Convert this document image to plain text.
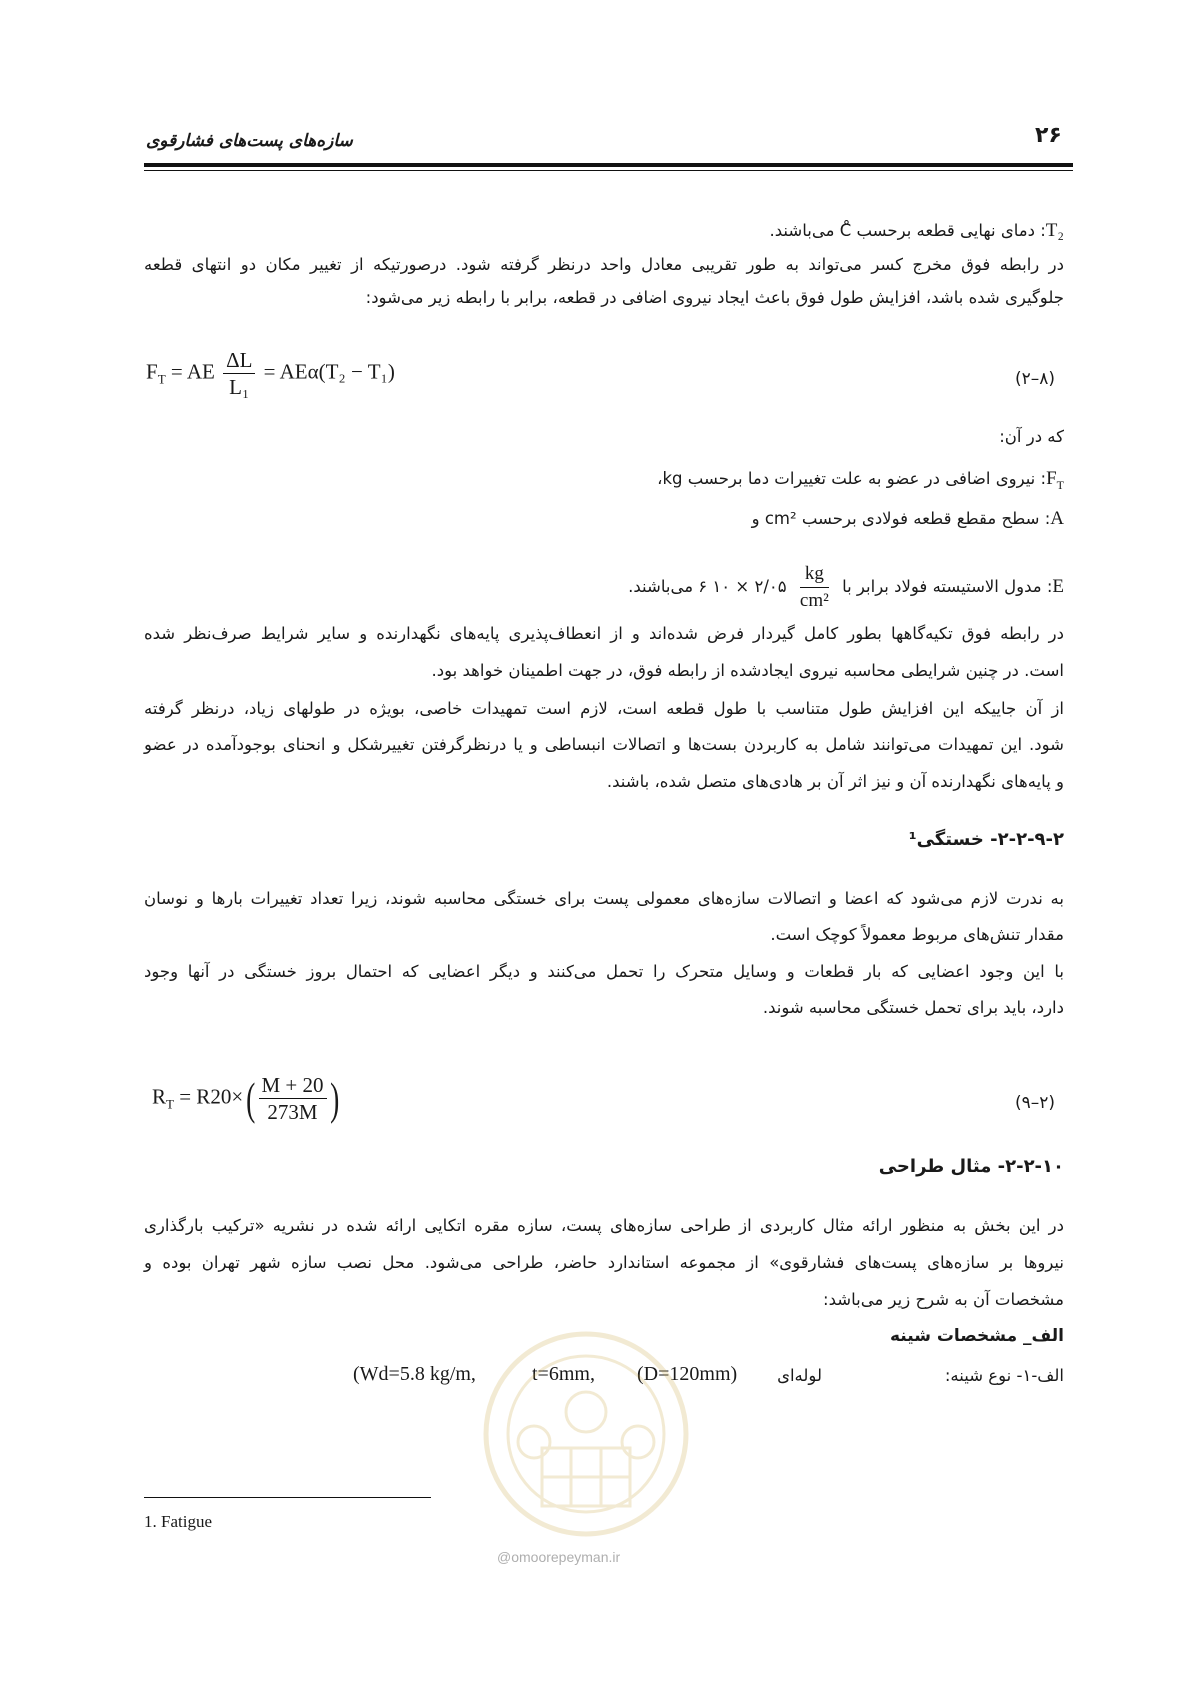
۲۶
سازه‌های پست‌های فشارقوی
T₂: دمای نهایی قطعه برحسب C̊ می‌باشند.
در رابطه فوق مخرج کسر می‌تواند به طور تقریبی معادل واحد درنظر گرفته شود. درصورتیکه از تغییر مکان دو انتهای قطعه
جلوگیری شده باشد، افزایش طول فوق باعث ایجاد نیروی اضافی در قطعه، برابر با رابطه زیر می‌شود:
$F_T$ = AE $\frac{\Delta L}{\text{L₁}} = AE\alpha(T_2 - T_1)$	(۸–۲)
که در آن:
$F_T$: نیروی اضافی در عضو به علت تغییرات دما برحسب kg،
A: سطح مقطع قطعه فولادی برحسب cm² و
E: مدول الاستیسته فولاد برابر با
$\frac{kg}{\text{cm²}}$
۲/۰۵ × ۱۰ ۶ می‌باشند.
در رابطه فوق تکیه‌گاهها بطور کامل گیردار فرض شده‌اند و از انعطاف‌پذیری پایه‌های نگهدارنده و سایر شرایط صرف‌نظر شده
است. در چنین شرایطی محاسبه نیروی ایجادشده از رابطه فوق، در جهت اطمینان خواهد بود.
از آن جاییکه این افزایش طول متناسب با طول قطعه است، لازم است تمهیدات خاصی، بویژه در طولهای زیاد، درنظر گرفته
شود. این تمهیدات می‌توانند شامل به کاربردن بست‌ها و اتصالات انبساطی و یا درنظرگرفتن تغییرشکل و انحنای بوجودآمده در عضو
و پایه‌های نگهدارنده آن و نیز اثر آن بر هادی‌های متصل شده، باشند.
۲-۲-۹-۲- خستگی¹
به ندرت لازم می‌شود که اعضا و اتصالات سازه‌های معمولی پست برای خستگی محاسبه شوند، زیرا تعداد تغییرات بارها و نوسان
مقدار تنش‌های مربوط معمولاً کوچک است.
با این وجود اعضایی که بار قطعات و وسایل متحرک را تحمل می‌کنند و دیگر اعضایی که احتمال بروز خستگی در آنها وجود
دارد، باید برای تحمل خستگی محاسبه شوند.
$R_T = R20\times( \frac{M + 20}{273M}$ )	(۲–۹)
۲-۲-۱۰- مثال طراحی
در این بخش به منظور ارائه مثال کاربردی از طراحی سازه‌های پست، سازه مقره اتکایی ارائه شده در نشریه «ترکیب بارگذاری
نیروها بر سازه‌های پست‌های فشارقوی» از مجموعه استاندارد حاضر، طراحی می‌شود. محل نصب سازه شهر تهران بوده و
مشخصات آن به شرح زیر می‌باشد:
الف_ مشخصات شینه
الف-۱- نوع شینه:
لوله‌ای
(D=120mm)
t=6mm,
(Wd=5.8 kg/m,
@omoorepeyman.ir
1. Fatigue
